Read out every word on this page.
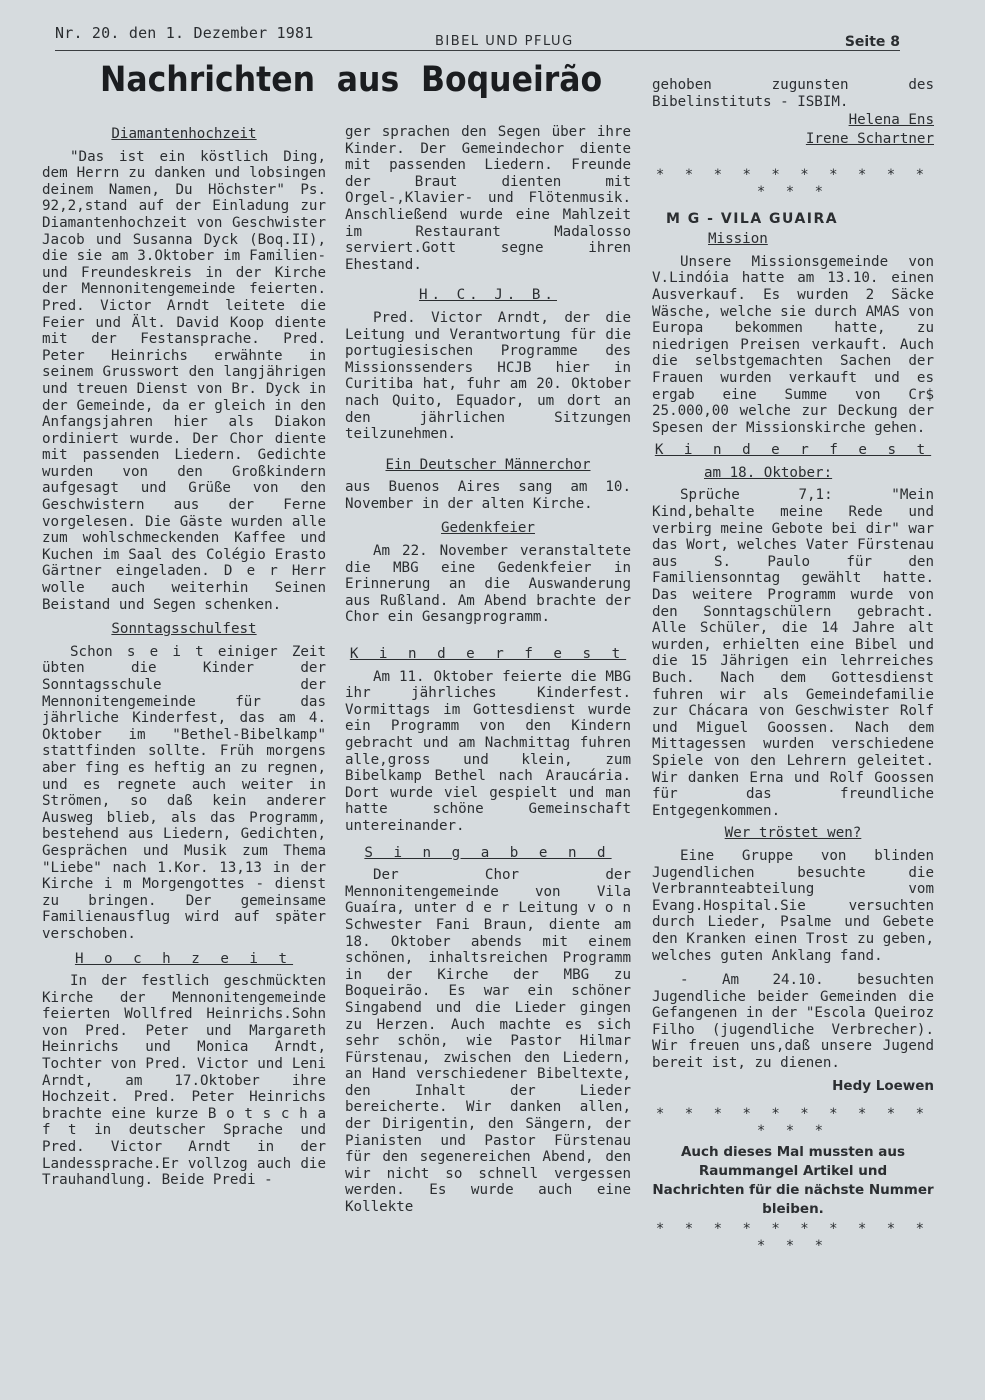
Nr. 20. den 1. Dezember 1981	BIBEL UND PFLUG	Seite 8
Nachrichten aus Boqueirão
Diamantenhochzeit

"Das ist ein köstlich Ding, dem Herrn zu danken und lobsingen deinem Namen, Du Höchster" Ps. 92,2,stand auf der Einladung zur Diamantenhochzeit von Geschwister Jacob und Susanna Dyck (Boq.II), die sie am 3.Oktober im Familien- und Freundeskreis in der Kirche der Mennonitengemeinde feierten. Pred. Victor Arndt leitete die Feier und Ält. David Koop diente mit der Festansprache. Pred. Peter Heinrichs erwähnte in seinem Grusswort den langjährigen und treuen Dienst von Br. Dyck in der Gemeinde, da er gleich in den Anfangsjahren hier als Diakon ordiniert wurde. Der Chor diente mit passenden Liedern. Gedichte wurden von den Großkindern aufgesagt und Grüße von den Geschwistern aus der Ferne vorgelesen. Die Gäste wurden alle zum wohlschmeckenden Kaffee und Kuchen im Saal des Colégio Erasto Gärtner eingeladen. D e r Herr wolle auch weiterhin Seinen Beistand und Segen schenken.

Sonntagsschulfest

Schon s e i t einiger Zeit übten die Kinder der Sonntagsschule der Mennonitengemeinde für das jährliche Kinderfest, das am 4. Oktober im "Bethel-Bibelkamp" stattfinden sollte. Früh morgens aber fing es heftig an zu regnen, und es regnete auch weiter in Strömen, so daß kein anderer Ausweg blieb, als das Programm, bestehend aus Liedern, Gedichten, Gesprächen und Musik zum Thema "Liebe" nach 1.Kor. 13,13 in der Kirche i m Morgengottes - dienst zu bringen. Der gemeinsame Familienausflug wird auf später verschoben.

H o c h z e i t

In der festlich geschmückten Kirche der Mennonitengemeinde feierten Wollfred Heinrichs.Sohn von Pred. Peter und Margareth Heinrichs und Monica Arndt, Tochter von Pred. Victor und Leni Arndt, am 17.Oktober ihre Hochzeit. Pred. Peter Heinrichs brachte eine kurze B o t s c h a f t in deutscher Sprache und Pred. Victor Arndt in der Landessprache.Er vollzog auch die Trauhandlung. Beide Predi -

ger sprachen den Segen über ihre Kinder. Der Gemeindechor diente mit passenden Liedern. Freunde der Braut dienten mit Orgel-,Klavier- und Flötenmusik. Anschließend wurde eine Mahlzeit im Restaurant Madalosso serviert.Gott segne ihren Ehestand.

H. C. J. B.

Pred. Victor Arndt, der die Leitung und Verantwortung für die portugiesischen Programme des Missionssenders HCJB hier in Curitiba hat, fuhr am 20. Oktober nach Quito, Equador, um dort an den jährlichen Sitzungen teilzunehmen.

Ein Deutscher Männerchor

aus Buenos Aires sang am 10. November in der alten Kirche.

Gedenkfeier

Am 22. November veranstaltete die MBG eine Gedenkfeier in Erinnerung an die Auswanderung aus Rußland. Am Abend brachte der Chor ein Gesangprogramm.

K i n d e r f e s t

Am 11. Oktober feierte die MBG ihr jährliches Kinderfest. Vormittags im Gottesdienst wurde ein Programm von den Kindern gebracht und am Nachmittag fuhren alle,gross und klein, zum Bibelkamp Bethel nach Araucária. Dort wurde viel gespielt und man hatte schöne Gemeinschaft untereinander.

S i n g a b e n d

Der Chor der Mennonitengemeinde von Vila Guaíra, unter d e r Leitung v o n Schwester Fani Braun, diente am 18. Oktober abends mit einem schönen, inhaltsreichen Programm in der Kirche der MBG zu Boqueirão. Es war ein schöner Singabend und die Lieder gingen zu Herzen. Auch machte es sich sehr schön, wie Pastor Hilmar Fürstenau, zwischen den Liedern, an Hand verschiedener Bibeltexte, den Inhalt der Lieder bereicherte. Wir danken allen, der Dirigentin, den Sängern, der Pianisten und Pastor Fürstenau für den segenereichen Abend, den wir nicht so schnell vergessen werden. Es wurde auch eine Kollekte

gehoben zugunsten des Bibelinstituts - ISBIM.

Helena Ens
Irene Schartner
* * * * * * * * * * * * *
M G - VILA GUAIRA
Mission

Unsere Missionsgemeinde von V.Lindóia hatte am 13.10. einen Ausverkauf. Es wurden 2 Säcke Wäsche, welche sie durch AMAS von Europa bekommen hatte, zu niedrigen Preisen verkauft. Auch die selbstgemachten Sachen der Frauen wurden verkauft und es ergab eine Summe von Cr$ 25.000,00 welche zur Deckung der Spesen der Missionskirche gehen.

K i n d e r f e s t
am 18. Oktober:

Sprüche 7,1: "Mein Kind,behalte meine Rede und verbirg meine Gebote bei dir" war das Wort, welches Vater Fürstenau aus S. Paulo für den Familiensonntag gewählt hatte. Das weitere Programm wurde von den Sonntagschülern gebracht. Alle Schüler, die 14 Jahre alt wurden, erhielten eine Bibel und die 15 Jährigen ein lehrreiches Buch. Nach dem Gottesdienst fuhren wir als Gemeindefamilie zur Chácara von Geschwister Rolf und Miguel Goossen. Nach dem Mittagessen wurden verschiedene Spiele von den Lehrern geleitet. Wir danken Erna und Rolf Goossen für das freundliche Entgegenkommen.

Wer tröstet wen?

Eine Gruppe von blinden Jugendlichen besuchte die Verbrannteabteilung vom Evang.Hospital.Sie versuchten durch Lieder, Psalme und Gebete den Kranken einen Trost zu geben, welches guten Anklang fand.

- Am 24.10. besuchten Jugendliche beider Gemeinden die Gefangenen in der "Escola Queiroz Filho (jugendliche Verbrecher). Wir freuen uns,daß unsere Jugend bereit ist, zu dienen.

Hedy Loewen
* * * * * * * * * * * * *
Auch dieses Mal mussten aus Raummangel Artikel und Nachrichten für die nächste Nummer bleiben.
* * * * * * * * * * * * *
